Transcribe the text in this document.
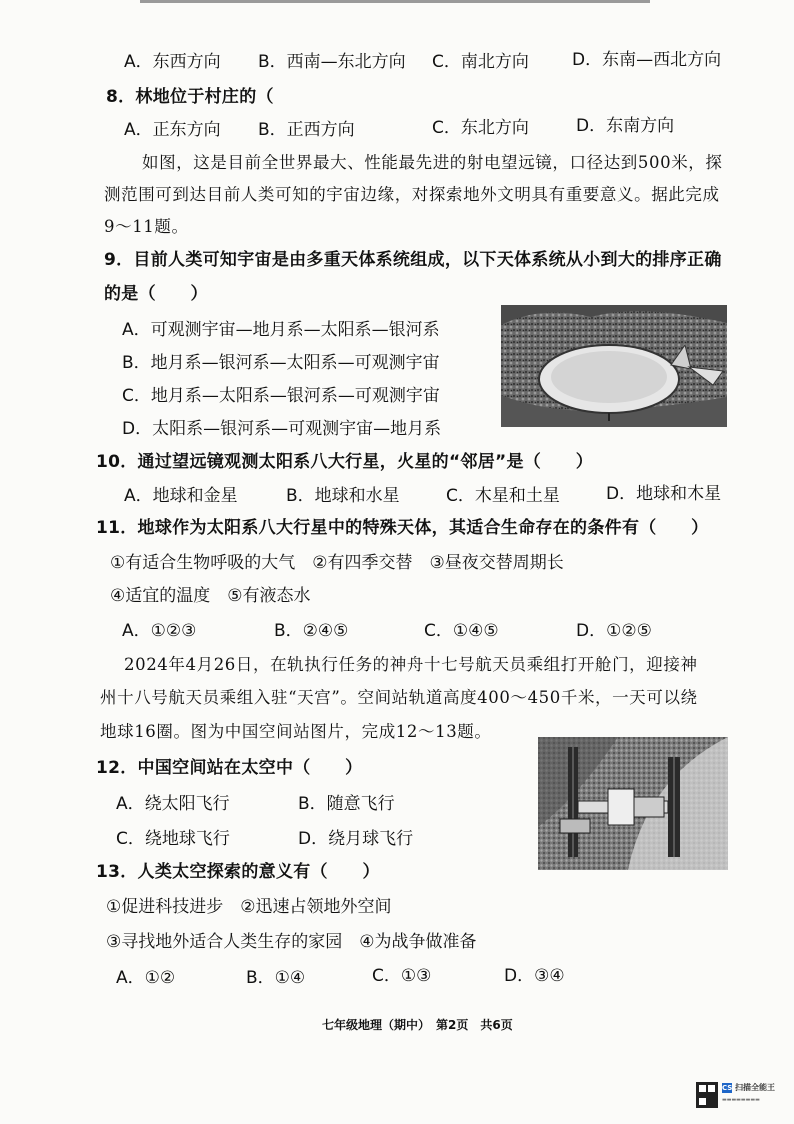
A．东西方向 B．西南—东北方向 C．南北方向	D．东南—西北方向
8．林地位于村庄的（
A．正东方向 B．正西方向	C．东北方向	D．东南方向
如图，这是目前全世界最大、性能最先进的射电望远镜，口径达到500米，探
测范围可到达目前人类可知的宇宙边缘，对探索地外文明具有重要意义。据此完成
9～11题。
9．目前人类可知宇宙是由多重天体系统组成，以下天体系统从小到大的排序正确
的是（　　）
A．可观测宇宙—地月系—太阳系—银河系
B．地月系—银河系—太阳系—可观测宇宙
C．地月系—太阳系—银河系—可观测宇宙
D．太阳系—银河系—可观测宇宙—地月系
10．通过望远镜观测太阳系八大行星，火星的“邻居”是（　　）
A．地球和金星	B．地球和水星	C．木星和土星	D．地球和木星
11．地球作为太阳系八大行星中的特殊天体，其适合生命存在的条件有（　　）
①有适合生物呼吸的大气　②有四季交替　③昼夜交替周期长
④适宜的温度　⑤有液态水
A．①②③	B．②④⑤	C．①④⑤	D．①②⑤
2024年4月26日，在轨执行任务的神舟十七号航天员乘组打开舱门，迎接神
州十八号航天员乘组入驻“天宫”。空间站轨道高度400～450千米，一天可以绕
地球16圈。图为中国空间站图片，完成12～13题。
12．中国空间站在太空中（　　）
A．绕太阳飞行	B．随意飞行
C．绕地球飞行	D．绕月球飞行
13．人类太空探索的意义有（　　）
①促进科技进步　②迅速占领地外空间
③寻找地外适合人类生存的家园　④为战争做准备
A．①②	B．①④	C．①③	D．③④
七年级地理（期中）　第2页　共6页
CS 扫描全能王
▬▬▬▬▬▬▬▬
